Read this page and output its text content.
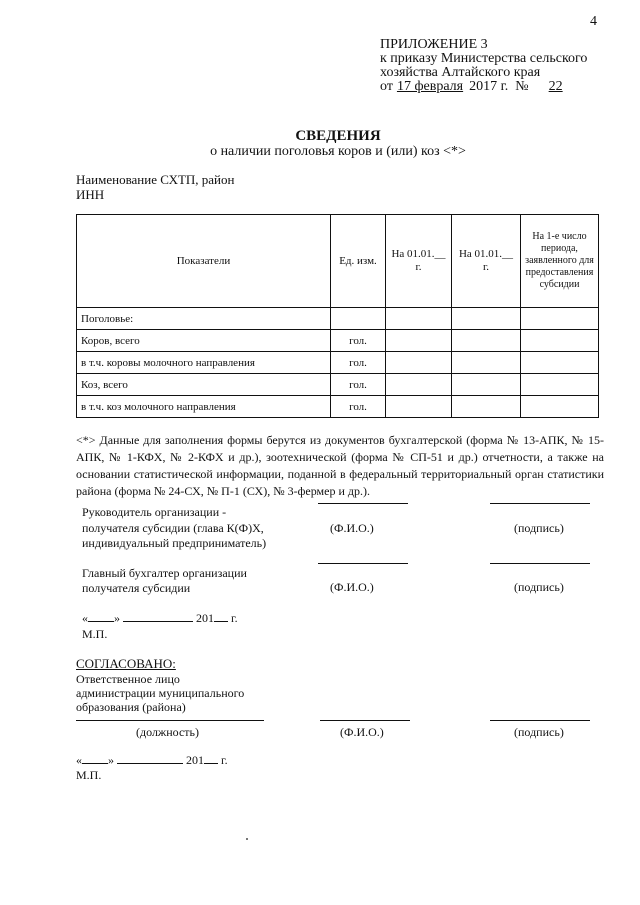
4
ПРИЛОЖЕНИЕ 3
к приказу Министерства сельского
хозяйства Алтайского края
от 17 февраля 2017 г. № 22
СВЕДЕНИЯ
о наличии поголовья коров и (или) коз <*>
Наименование СХТП, район
ИНН
Показатели	Ед. изм.	На 01.01.__ г.	На 01.01.__ г.	На 1-е число периода, заявленного для предоставления субсидии
Поголовье:				
Коров, всего	гол.			
в т.ч. коровы молочного направления	гол.			
Коз, всего	гол.			
в т.ч. коз молочного направления	гол.			
<*> Данные для заполнения формы берутся из документов бухгалтерской (форма № 13-АПК, № 15-АПК, № 1-КФХ, № 2-КФХ и др.), зоотехнической (форма № СП-51 и др.) отчетности, а также на основании статистической информации, поданной в федеральный территориальный орган статистики района (форма № 24-СХ, № П-1 (СХ), № 3-фермер и др.).
Руководитель организации -
получателя субсидии (глава К(Ф)Х,
индивидуальный предприниматель)
(Ф.И.О.)	(подпись)
Главный бухгалтер организации
получателя субсидии	(Ф.И.О.)	(подпись)
« »	201 г.
М.П.
СОГЛАСОВАНО:
Ответственное лицо
администрации муниципального
образования (района)
(должность)	(Ф.И.О.)	(подпись)
« »	201 г.
М.П.
